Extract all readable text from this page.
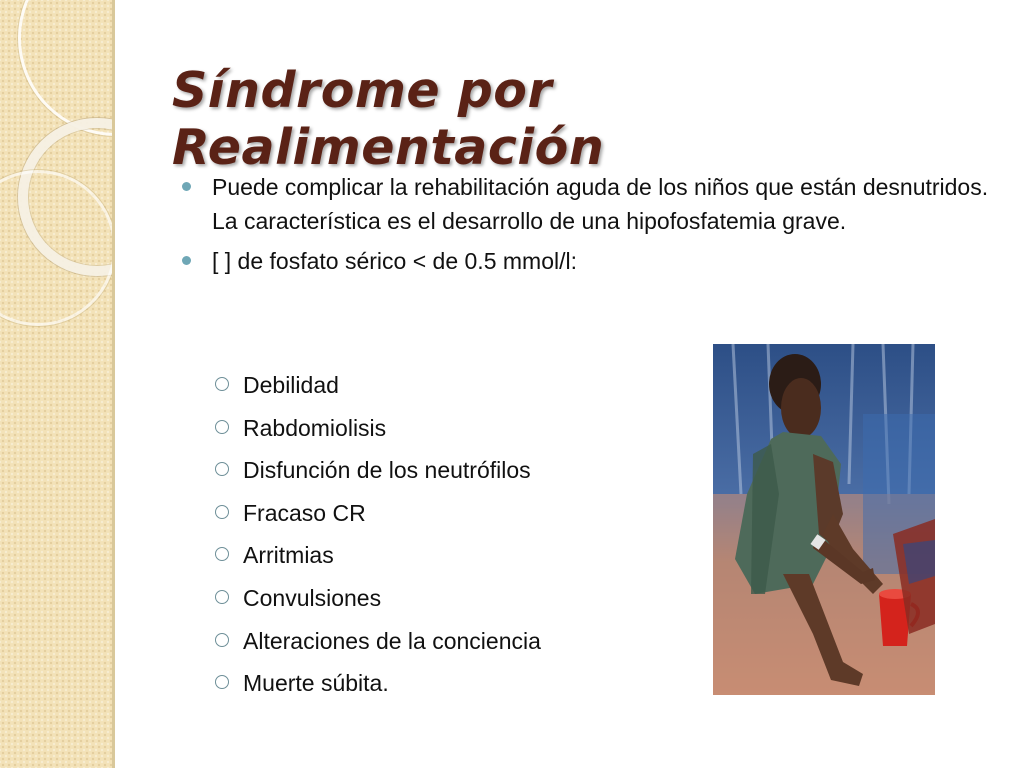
Síndrome por Realimentación
Puede complicar la rehabilitación aguda de los niños que están desnutridos. La característica es el desarrollo de una hipofosfatemia grave.
[ ] de fosfato sérico < de 0.5 mmol/l:
Debilidad
Rabdomiolisis
Disfunción de los neutrófilos
Fracaso CR
Arritmias
Convulsiones
Alteraciones de la conciencia
Muerte súbita.
